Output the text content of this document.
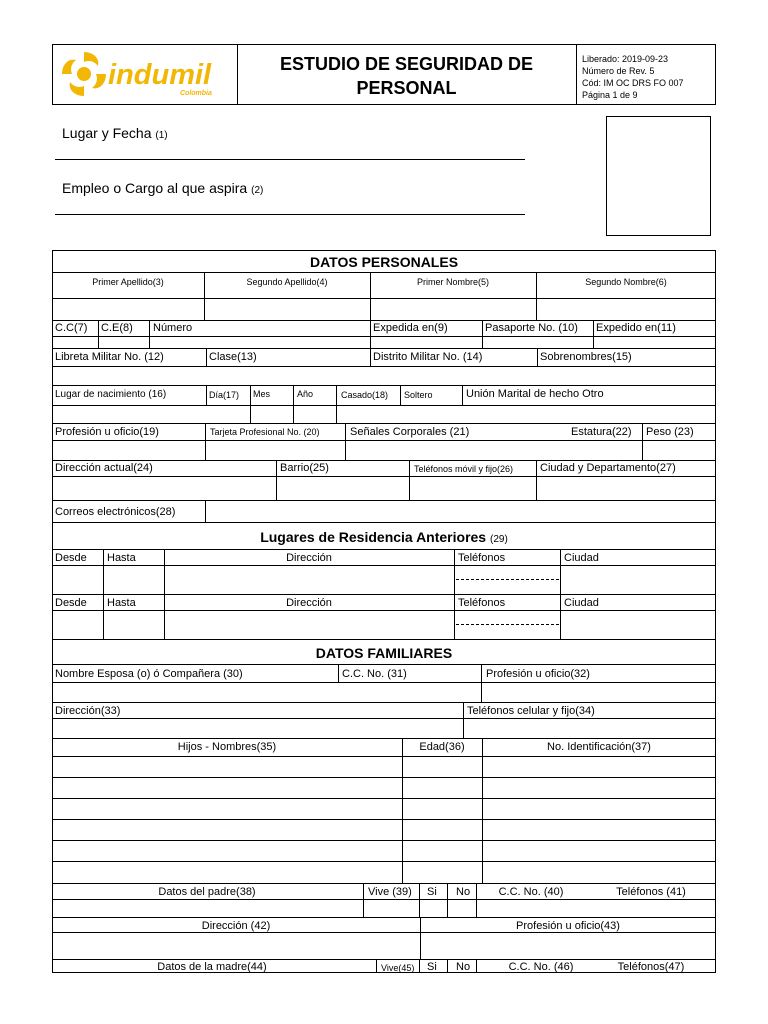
indumil
Colombia
ESTUDIO DE SEGURIDAD DE
PERSONAL
Liberado: 2019-09-23
Número de Rev. 5
Cód: IM OC DRS FO 007
Página 1 de 9
Lugar y Fecha (1)
Empleo o Cargo al que aspira (2)
DATOS PERSONALES
Primer Apellido(3)	Segundo Apellido(4)	Primer Nombre(5)	Segundo Nombre(6)
C.C(7) C.E(8) Número	Expedida en(9)	Pasaporte No. (10) Expedido en(11)
Libreta Militar No. (12)	Clase(13)	Distrito Militar No. (14)	Sobrenombres(15)
Lugar de nacimiento (16)	Día(17) Mes	Año	Casado(18) Soltero	Unión Marital de hecho Otro
Profesión u oficio(19)	Tarjeta Profesional No. (20)	Señales Corporales (21)	Estatura(22) Peso (23)
Dirección actual(24)	Barrio(25)	Teléfonos móvil y fijo(26) Ciudad y Departamento(27)
Correos electrónicos(28)
Lugares de Residencia Anteriores (29)
Desde Hasta	Dirección	Teléfonos	Ciudad
Desde Hasta	Dirección	Teléfonos	Ciudad
DATOS FAMILIARES
Nombre Esposa (o) ó Compañera (30)	C.C. No. (31)	Profesión u oficio(32)
Dirección(33)	Teléfonos celular y fijo(34)
Hijos - Nombres(35)	Edad(36)	No. Identificación(37)
Datos del padre(38)	Vive (39) Si No	C.C. No. (40)	Teléfonos (41)
Dirección (42)	Profesión u oficio(43)
Datos de la madre(44)	Vive(45) Si No	C.C. No. (46)	Teléfonos(47)
